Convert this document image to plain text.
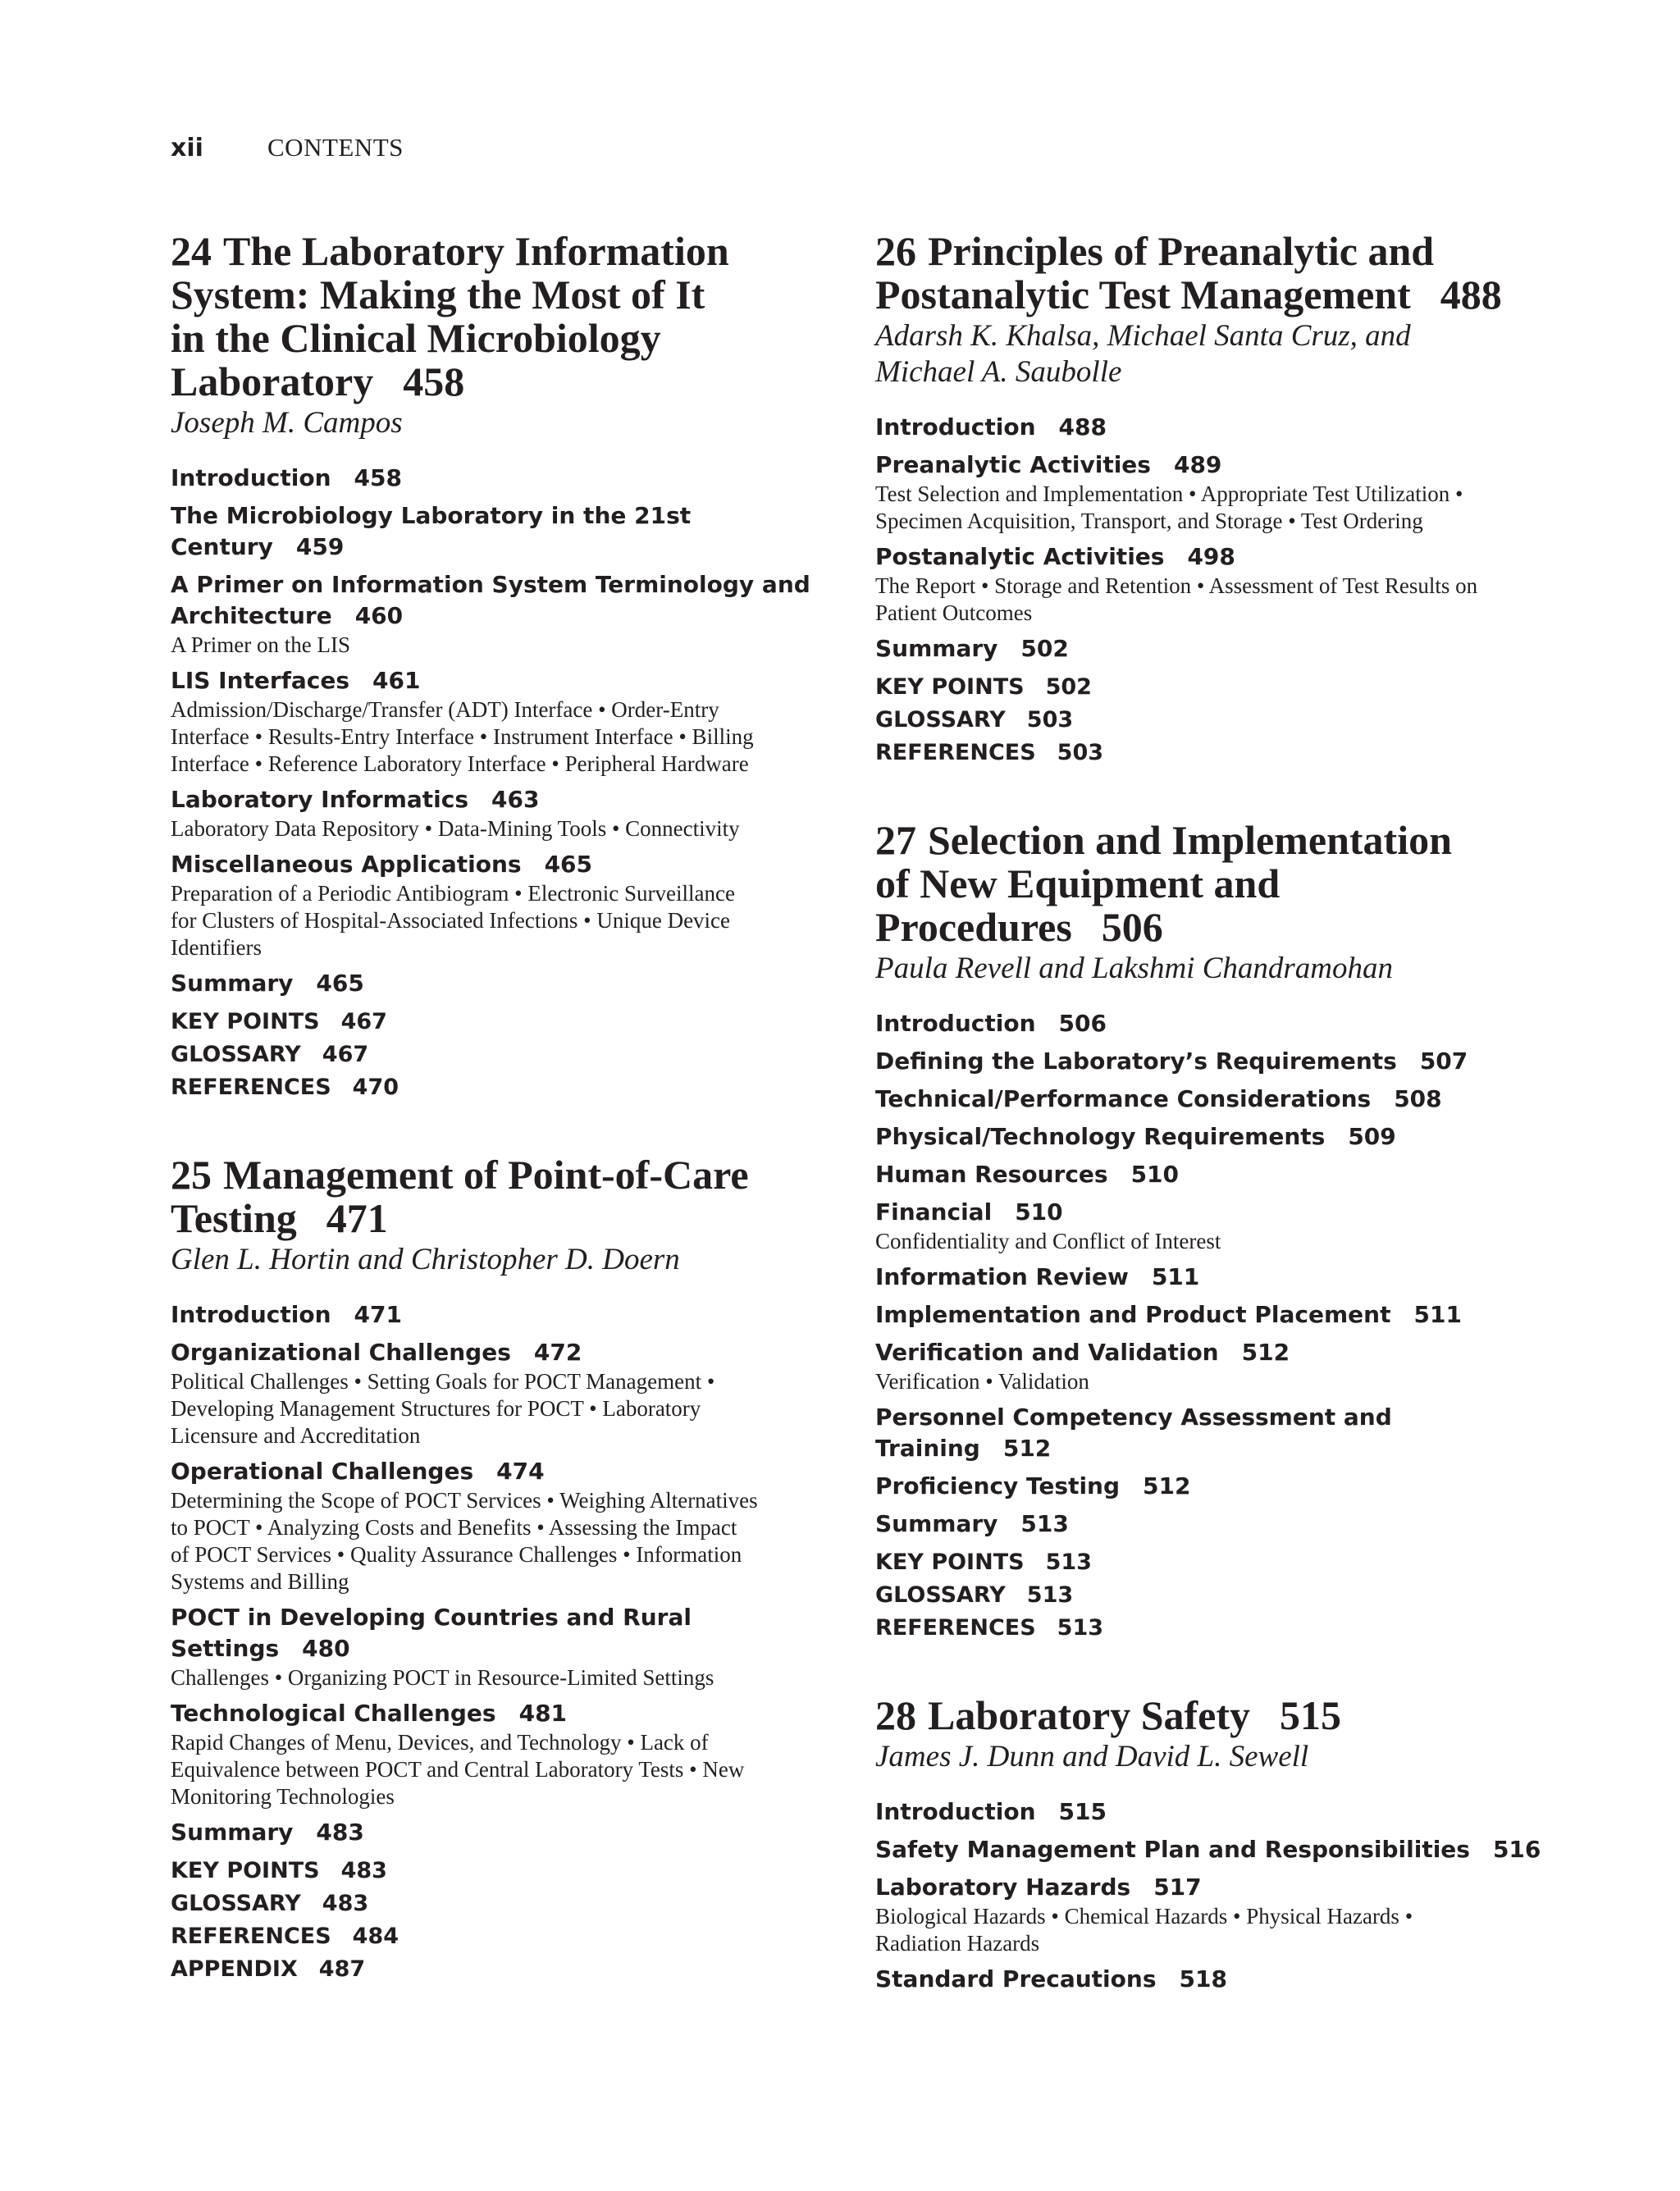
xii	CONTENTS
24 The Laboratory Information
System: Making the Most of It
in the Clinical Microbiology
Laboratory 458
Joseph M. Campos
Introduction 458
The Microbiology Laboratory in the 21st Century 459
A Primer on Information System Terminology and
Architecture 460
A Primer on the LIS
LIS Interfaces 461
Admission/Discharge/Transfer (ADT) Interface • Order-Entry
Interface • Results-Entry Interface • Instrument Interface • Billing
Interface • Reference Laboratory Interface • Peripheral Hardware
Laboratory Informatics 463
Laboratory Data Repository • Data-Mining Tools • Connectivity
Miscellaneous Applications 465
Preparation of a Periodic Antibiogram • Electronic Surveillance
for Clusters of Hospital-Associated Infections • Unique Device
Identifiers
Summary 465
KEY POINTS 467
GLOSSARY 467
REFERENCES 470
25 Management of Point-of-Care
Testing 471
Glen L. Hortin and Christopher D. Doern
Introduction 471
Organizational Challenges 472
Political Challenges • Setting Goals for POCT Management •
Developing Management Structures for POCT • Laboratory
Licensure and Accreditation
Operational Challenges 474
Determining the Scope of POCT Services • Weighing Alternatives
to POCT • Analyzing Costs and Benefits • Assessing the Impact
of POCT Services • Quality Assurance Challenges • Information
Systems and Billing
POCT in Developing Countries and Rural
Settings 480
Challenges • Organizing POCT in Resource-Limited Settings
Technological Challenges 481
Rapid Changes of Menu, Devices, and Technology • Lack of
Equivalence between POCT and Central Laboratory Tests • New
Monitoring Technologies
Summary 483
KEY POINTS 483
GLOSSARY 483
REFERENCES 484
APPENDIX 487
26 Principles of Preanalytic and
Postanalytic Test Management 488
Adarsh K. Khalsa, Michael Santa Cruz, and
Michael A. Saubolle
Introduction 488
Preanalytic Activities 489
Test Selection and Implementation • Appropriate Test Utilization •
Specimen Acquisition, Transport, and Storage • Test Ordering
Postanalytic Activities 498
The Report • Storage and Retention • Assessment of Test Results on
Patient Outcomes
Summary 502
KEY POINTS 502
GLOSSARY 503
REFERENCES 503
27 Selection and Implementation
of New Equipment and
Procedures 506
Paula Revell and Lakshmi Chandramohan
Introduction 506
Defining the Laboratory’s Requirements 507
Technical/Performance Considerations 508
Physical/Technology Requirements 509
Human Resources 510
Financial 510
Confidentiality and Conflict of Interest
Information Review 511
Implementation and Product Placement 511
Verification and Validation 512
Verification • Validation
Personnel Competency Assessment and Training 512
Proficiency Testing 512
Summary 513
KEY POINTS 513
GLOSSARY 513
REFERENCES 513
28 Laboratory Safety 515
James J. Dunn and David L. Sewell
Introduction 515
Safety Management Plan and Responsibilities 516
Laboratory Hazards 517
Biological Hazards • Chemical Hazards • Physical Hazards •
Radiation Hazards
Standard Precautions 518
